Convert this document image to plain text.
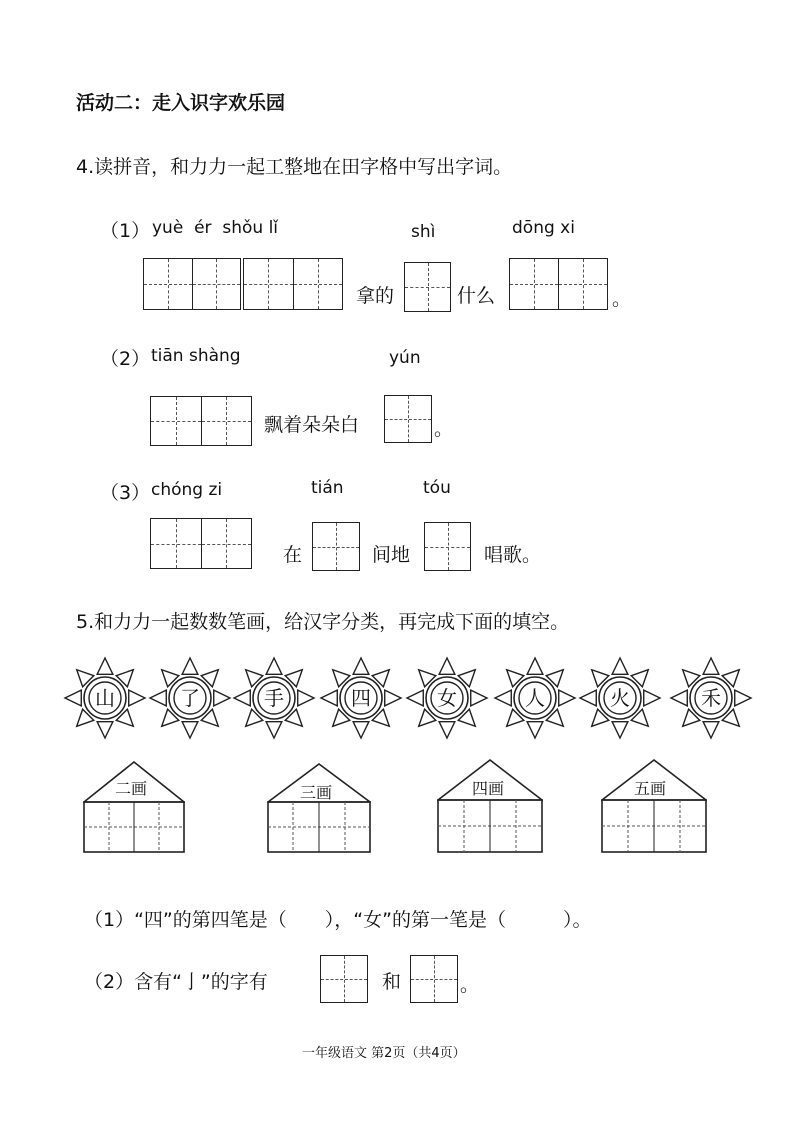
活动二：走入识字欢乐园
4.读拼音，和力力一起工整地在田字格中写出字词。
（1） yuè  ér  shǒu lǐ	shì	dōng xi
拿的	什么	。
（2） tiān shàng	yún
飘着朵朵白	。
（3） chóng zi	tián	tóu
在	间地	唱歌。
5.和力力一起数数笔画，给汉字分类，再完成下面的填空。
山	了	手	四	女	人	火	禾
二画	三画	四画	五画
（1）“四”的第四笔是（　　），“女”的第一笔是（　　　）。
（2）含有“亅”的字有	和	。
一年级语文 第2页（共4页）
